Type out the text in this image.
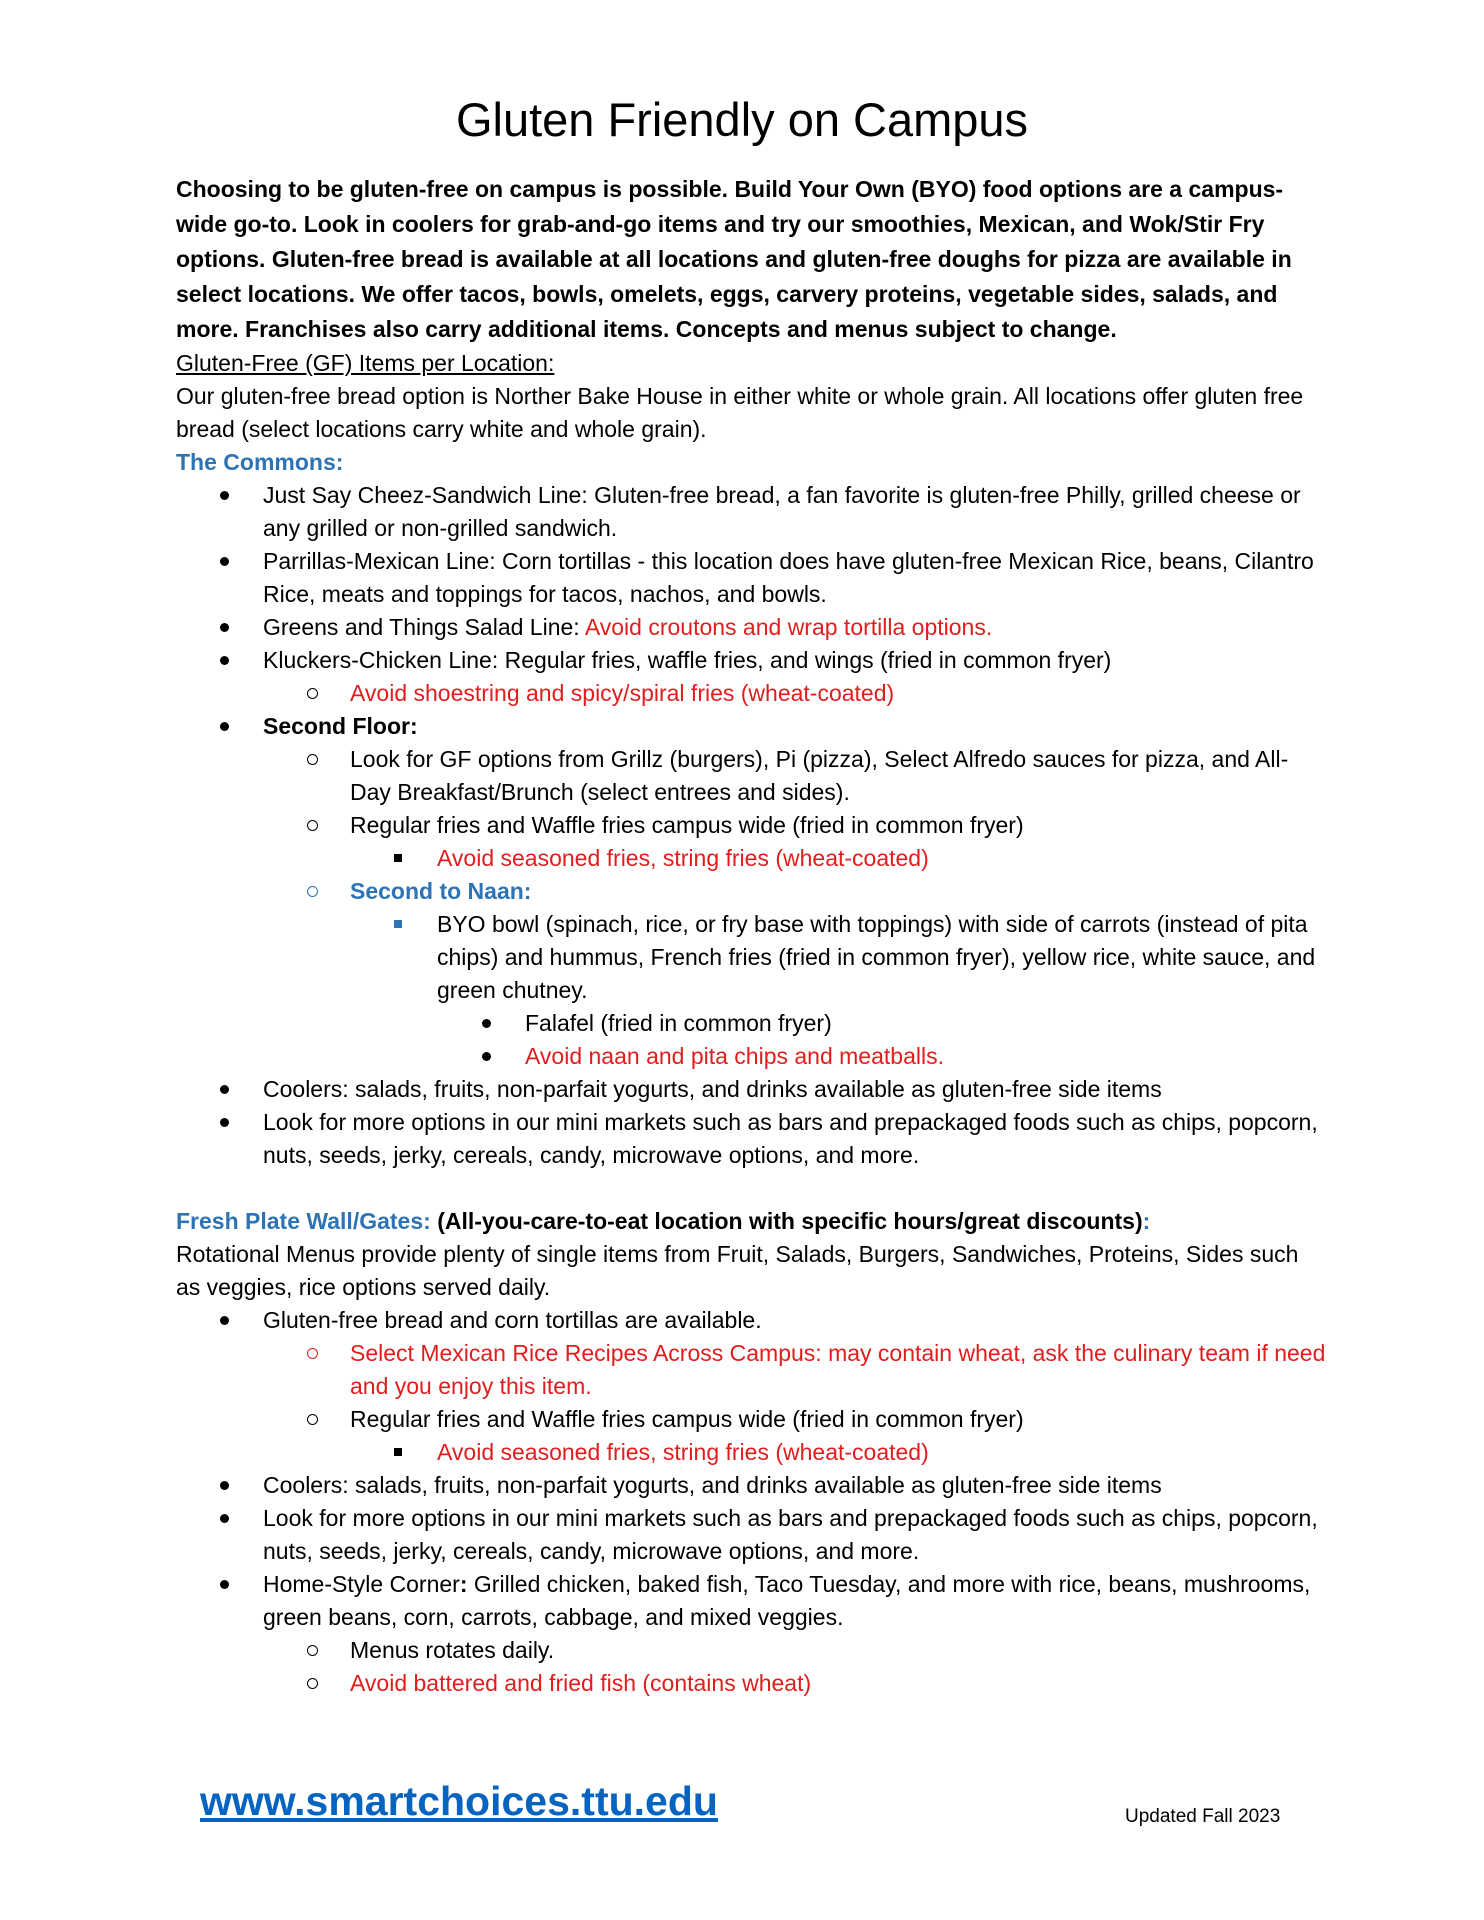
Gluten Friendly on Campus

Choosing to be gluten-free on campus is possible. Build Your Own (BYO) food options are a campus-wide go-to. Look in coolers for grab-and-go items and try our smoothies, Mexican, and Wok/Stir Fry options. Gluten-free bread is available at all locations and gluten-free doughs for pizza are available in select locations. We offer tacos, bowls, omelets, eggs, carvery proteins, vegetable sides, salads, and more. Franchises also carry additional items. Concepts and menus subject to change.

Gluten-Free (GF) Items per Location:

Our gluten-free bread option is Norther Bake House in either white or whole grain. All locations offer gluten free bread (select locations carry white and whole grain).

The Commons:

Just Say Cheez-Sandwich Line: Gluten-free bread, a fan favorite is gluten-free Philly, grilled cheese or any grilled or non-grilled sandwich.
Parrillas-Mexican Line: Corn tortillas - this location does have gluten-free Mexican Rice, beans, Cilantro Rice, meats and toppings for tacos, nachos, and bowls.
Greens and Things Salad Line: Avoid croutons and wrap tortilla options.
Kluckers-Chicken Line: Regular fries, waffle fries, and wings (fried in common fryer)
Avoid shoestring and spicy/spiral fries (wheat-coated)
Second Floor:
Look for GF options from Grillz (burgers), Pi (pizza), Select Alfredo sauces for pizza, and All-Day Breakfast/Brunch (select entrees and sides).
Regular fries and Waffle fries campus wide (fried in common fryer)
Avoid seasoned fries, string fries (wheat-coated)
Second to Naan:
BYO bowl (spinach, rice, or fry base with toppings) with side of carrots (instead of pita chips) and hummus, French fries (fried in common fryer), yellow rice, white sauce, and green chutney.
Falafel (fried in common fryer)
Avoid naan and pita chips and meatballs.
Coolers: salads, fruits, non-parfait yogurts, and drinks available as gluten-free side items
Look for more options in our mini markets such as bars and prepackaged foods such as chips, popcorn, nuts, seeds, jerky, cereals, candy, microwave options, and more.

Fresh Plate Wall/Gates: (All-you-care-to-eat location with specific hours/great discounts):

Rotational Menus provide plenty of single items from Fruit, Salads, Burgers, Sandwiches, Proteins, Sides such as veggies, rice options served daily.

Gluten-free bread and corn tortillas are available.
Select Mexican Rice Recipes Across Campus: may contain wheat, ask the culinary team if need and you enjoy this item.
Regular fries and Waffle fries campus wide (fried in common fryer)
Avoid seasoned fries, string fries (wheat-coated)
Coolers: salads, fruits, non-parfait yogurts, and drinks available as gluten-free side items
Look for more options in our mini markets such as bars and prepackaged foods such as chips, popcorn, nuts, seeds, jerky, cereals, candy, microwave options, and more.
Home-Style Corner: Grilled chicken, baked fish, Taco Tuesday, and more with rice, beans, mushrooms, green beans, corn, carrots, cabbage, and mixed veggies.
Menus rotates daily.
Avoid battered and fried fish (contains wheat)
www.smartchoices.ttu.edu	Updated Fall 2023
